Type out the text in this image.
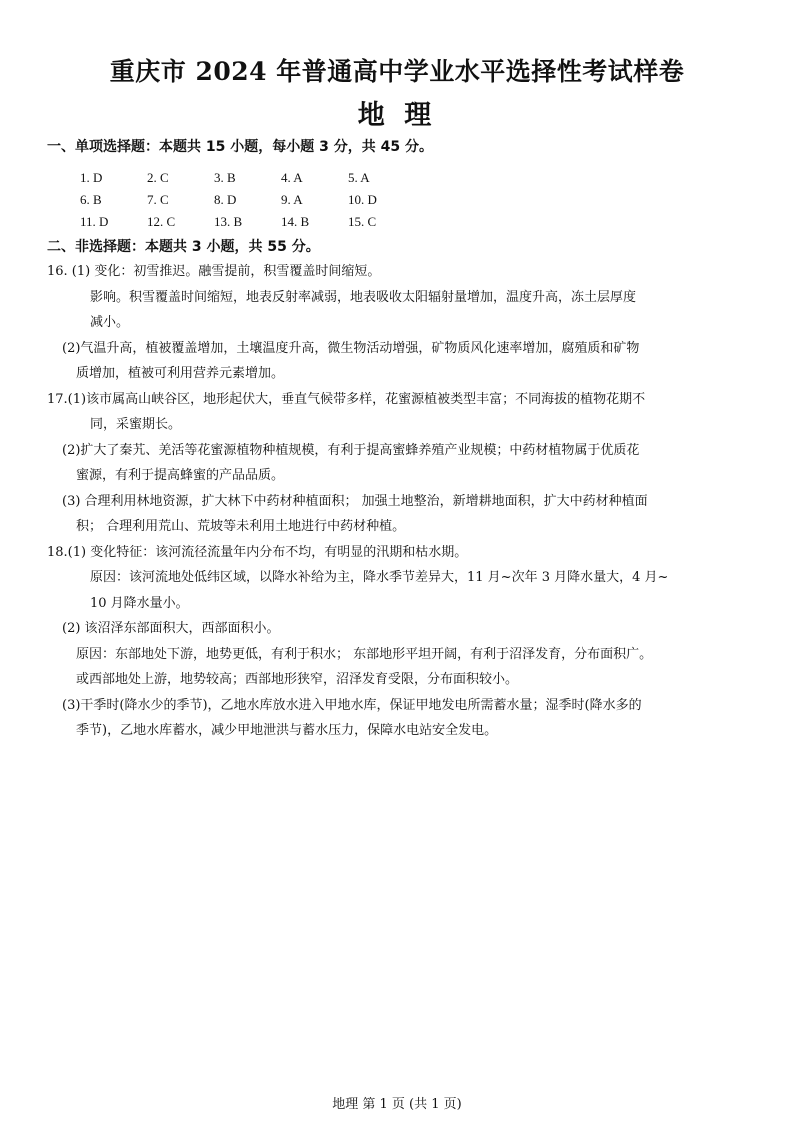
重庆市 2024 年普通高中学业水平选择性考试样卷
地 理
一、单项选择题：本题共 15 小题，每小题 3 分，共 45 分。
1. D	2. C	3. B	4. A	5. A
6. B	7. C	8. D	9. A	10. D
11. D	12. C	13. B	14. B	15. C
二、非选择题：本题共 3 小题，共 55 分。
16. (1) 变化：初雪推迟。融雪提前，积雪覆盖时间缩短。
影响。积雪覆盖时间缩短，地表反射率减弱，地表吸收太阳辐射量增加，温度升高，冻土层厚度
减小。
(2)气温升高，植被覆盖增加，土壤温度升高，微生物活动增强，矿物质风化速率增加，腐殖质和矿物
质增加，植被可利用营养元素增加。
17.(1)该市属高山峡谷区，地形起伏大，垂直气候带多样，花蜜源植被类型丰富；不同海拔的植物花期不
同，采蜜期长。
(2)扩大了秦艽、羌活等花蜜源植物种植规模，有利于提高蜜蜂养殖产业规模；中药材植物属于优质花
蜜源，有利于提高蜂蜜的产品品质。
(3) 合理利用林地资源，扩大林下中药材种植面积； 加强土地整治，新增耕地面积，扩大中药材种植面
积； 合理利用荒山、荒坡等未利用土地进行中药材种植。
18.(1) 变化特征：该河流径流量年内分布不均，有明显的汛期和枯水期。
原因：该河流地处低纬区域，以降水补给为主，降水季节差异大，11 月~次年 3 月降水量大，4 月~
10 月降水量小。
(2) 该沼泽东部面积大，西部面积小。
原因：东部地处下游，地势更低，有利于积水； 东部地形平坦开阔，有利于沼泽发育，分布面积广。
或西部地处上游，地势较高；西部地形狭窄，沼泽发育受限，分布面积较小。
(3)干季时(降水少的季节)，乙地水库放水进入甲地水库，保证甲地发电所需蓄水量；湿季时(降水多的
季节)，乙地水库蓄水，减少甲地泄洪与蓄水压力，保障水电站安全发电。
地理 第 1 页 (共 1 页)
